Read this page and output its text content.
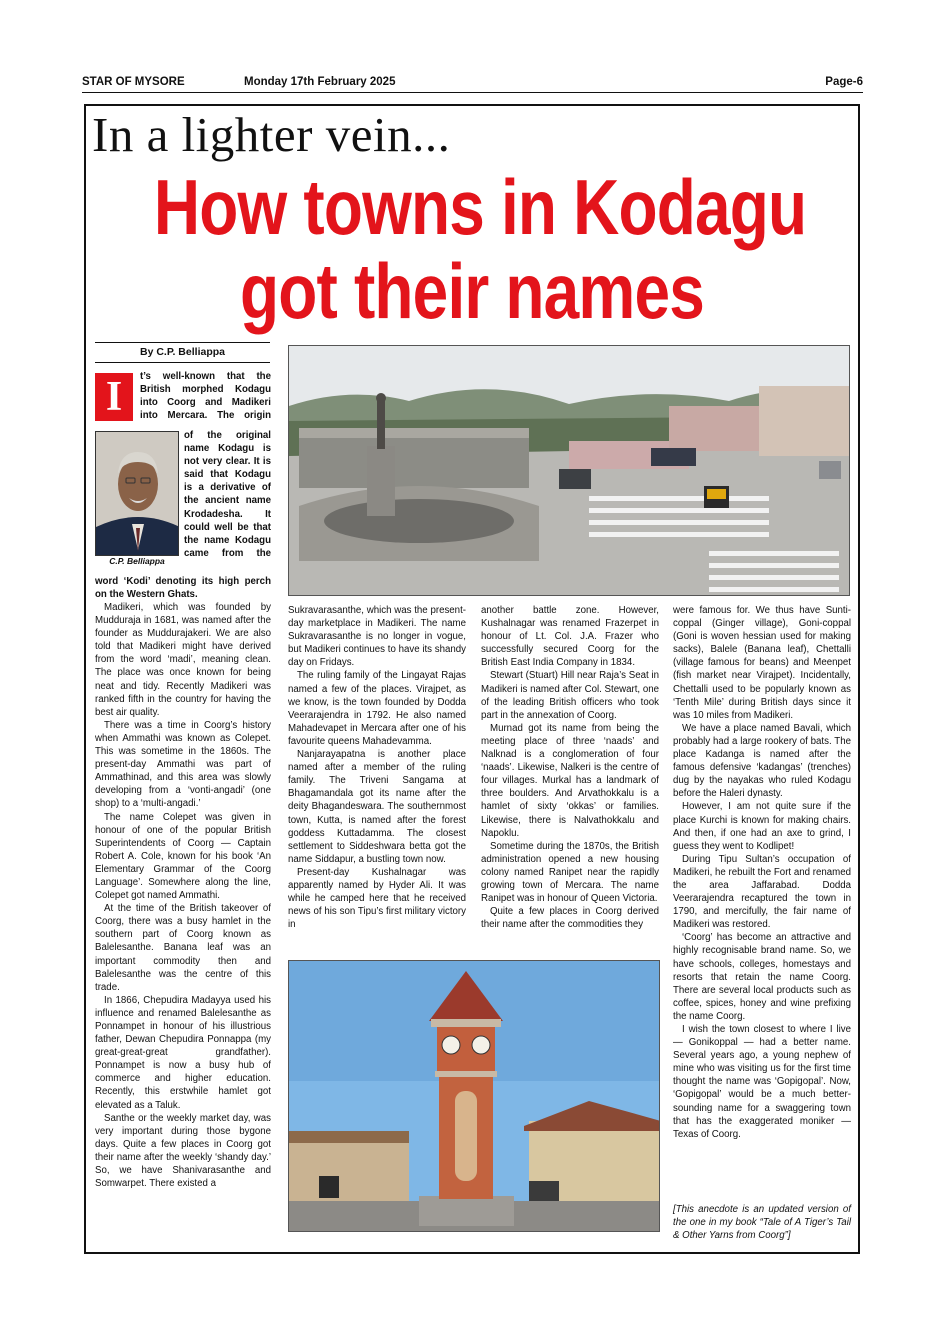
STAR OF MYSORE	Monday 17th February 2025	Page-6
In a lighter vein...
How towns in Kodagu
got their names
By C.P. Belliappa
I	t’s well-known that the
British morphed Kodagu
into Coorg and Madikeri
into Mercara. The origin
of the original
name Kodagu is
not very clear. It is
said that Kodagu
is a derivative of
the ancient name
Krodadesha. It
could well be that
the name Kodagu
came from the
word ‘Kodi’ denoting its high perch on the Western Ghats.
C.P. Belliappa

Madikeri, which was founded by Mudduraja in 1681, was named after the founder as Muddurajakeri. We are also told that Madikeri might have derived from the word ‘madi’, meaning clean. The place was once known for being neat and tidy. Recently Madikeri was ranked fifth in the country for having the best air quality.

There was a time in Coorg’s history when Ammathi was known as Colepet. This was sometime in the 1860s. The present-day Ammathi was part of Ammathinad, and this area was slowly developing from a ‘vonti-angadi’ (one shop) to a ‘multi-angadi.’

The name Colepet was given in honour of one of the popular British Superintendents of Coorg — Captain Robert A. Cole, known for his book ‘An Elementary Grammar of the Coorg Language’. Somewhere along the line, Colepet got named Ammathi.

At the time of the British takeover of Coorg, there was a busy hamlet in the southern part of Coorg known as Balelesanthe. Banana leaf was an important commodity then and Balelesanthe was the centre of this trade.

In 1866, Chepudira Madayya used his influence and renamed Balelesanthe as Ponnampet in honour of his illustrious father, Dewan Chepudira Ponnappa (my great-great-great grandfather). Ponnampet is now a busy hub of commerce and higher education. Recently, this erstwhile hamlet got elevated as a Taluk.

Santhe or the weekly market day, was very important during those bygone days. Quite a few places in Coorg got their name after the weekly ‘shandy day.’ So, we have Shanivarasanthe and Somwarpet. There existed a

Sukravarasanthe, which was the present-day marketplace in Madikeri. The name Sukravarasanthe is no longer in vogue, but Madikeri continues to have its shandy day on Fridays.

The ruling family of the Lingayat Rajas named a few of the places. Virajpet, as we know, is the town founded by Dodda Veerarajendra in 1792. He also named Mahadevapet in Mercara after one of his favourite queens Mahadevamma.

Nanjarayapatna is another place named after a member of the ruling family. The Triveni Sangama at Bhagamandala got its name after the deity Bhagandeswara. The southernmost town, Kutta, is named after the forest goddess Kuttadamma. The closest settlement to Siddeshwara betta got the name Siddapur, a bustling town now.

Present-day Kushalnagar was apparently named by Hyder Ali. It was while he camped here that he received news of his son Tipu’s first military victory in

another battle zone. However, Kushalnagar was renamed Frazerpet in honour of Lt. Col. J.A. Frazer who successfully secured Coorg for the British East India Company in 1834.

Stewart (Stuart) Hill near Raja’s Seat in Madikeri is named after Col. Stewart, one of the leading British officers who took part in the annexation of Coorg.

Murnad got its name from being the meeting place of three ‘naads’ and Nalknad is a conglomeration of four ‘naads’. Likewise, Nalkeri is the centre of four villages. Murkal has a landmark of three boulders. And Arvathokkalu is a hamlet of sixty ‘okkas’ or families. Likewise, there is Nalvathokkalu and Napoklu.

Sometime during the 1870s, the British administration opened a new housing colony named Ranipet near the rapidly growing town of Mercara. The name Ranipet was in honour of Queen Victoria.

Quite a few places in Coorg derived their name after the commodities they

were famous for. We thus have Sunti-coppal (Ginger village), Goni-coppal (Goni is woven hessian used for making sacks), Balele (Banana leaf), Chettalli (village famous for beans) and Meenpet (fish market near Virajpet). Incidentally, Chettalli used to be popularly known as ‘Tenth Mile’ during British days since it was 10 miles from Madikeri.

We have a place named Bavali, which probably had a large rookery of bats. The place Kadanga is named after the famous defensive ‘kadangas’ (trenches) dug by the nayakas who ruled Kodagu before the Haleri dynasty.

However, I am not quite sure if the place Kurchi is known for making chairs. And then, if one had an axe to grind, I guess they went to Kodlipet!

During Tipu Sultan’s occupation of Madikeri, he rebuilt the Fort and renamed the area Jaffarabad. Dodda Veerarajendra recaptured the town in 1790, and mercifully, the fair name of Madikeri was restored.

‘Coorg’ has become an attractive and highly recognisable brand name. So, we have schools, colleges, homestays and resorts that retain the name Coorg. There are several local products such as coffee, spices, honey and wine prefixing the name Coorg.

I wish the town closest to where I live — Gonikoppal — had a better name. Several years ago, a young nephew of mine who was visiting us for the first time thought the name was ‘Gopigopal’. Now, ‘Gopigopal’ would be a much better-sounding name for a swaggering town that has the exaggerated moniker — Texas of Coorg.

[This anecdote is an updated version of the one in my book “Tale of A Tiger’s Tail & Other Yarns from Coorg”]
